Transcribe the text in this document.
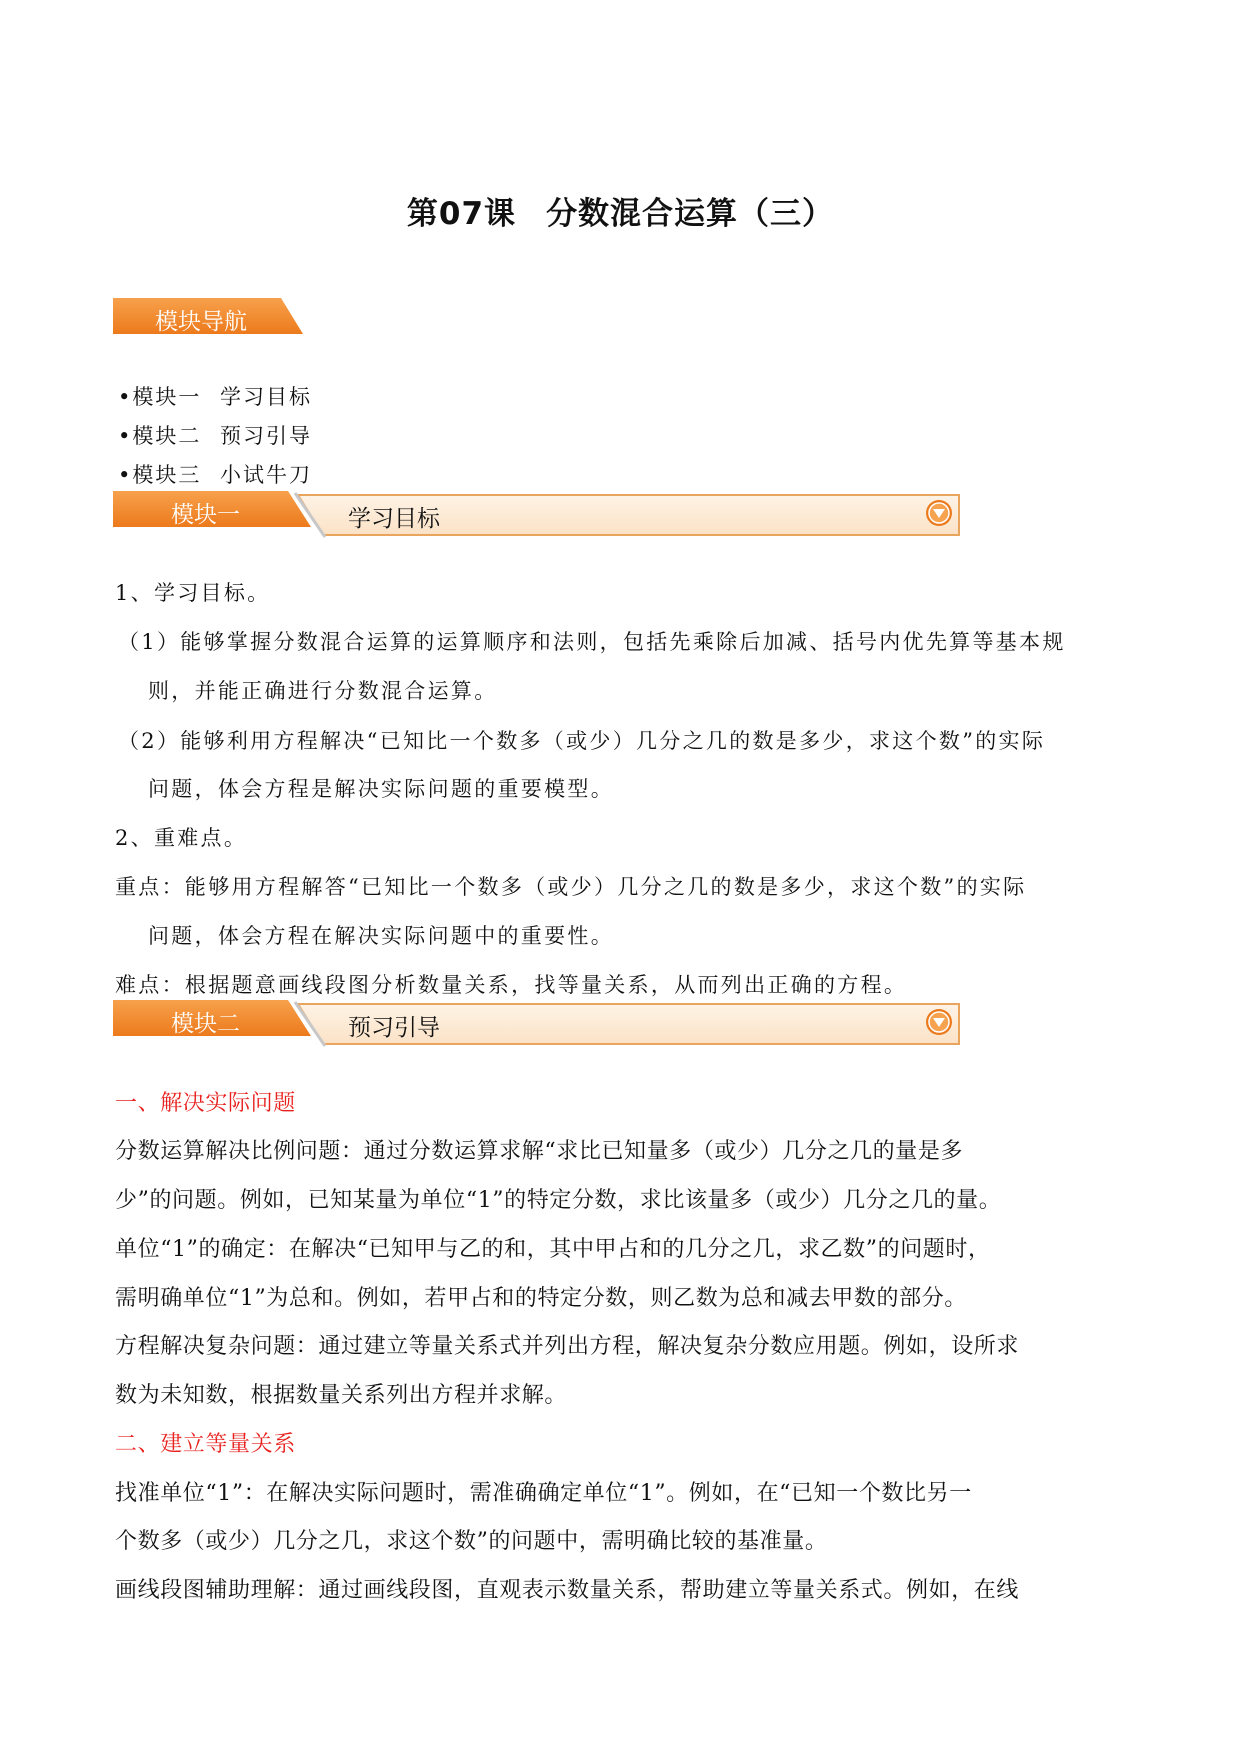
第07课 分数混合运算（三）
模块导航
•模块一 学习目标
•模块二 预习引导
•模块三 小试牛刀
模块一	学习目标
1、学习目标。
（1）能够掌握分数混合运算的运算顺序和法则，包括先乘除后加减、括号内优先算等基本规
则，并能正确进行分数混合运算。
（2）能够利用方程解决“已知比一个数多（或少）几分之几的数是多少，求这个数”的实际
问题，体会方程是解决实际问题的重要模型。
2、重难点。
重点：能够用方程解答“已知比一个数多（或少）几分之几的数是多少，求这个数”的实际
问题，体会方程在解决实际问题中的重要性。
难点：根据题意画线段图分析数量关系，找等量关系，从而列出正确的方程。
模块二	预习引导
一、解决实际问题
分数运算解决比例问题：通过分数运算求解“求比已知量多（或少）几分之几的量是多
少”的问题。例如，已知某量为单位“1”的特定分数，求比该量多（或少）几分之几的量。
单位“1”的确定：在解决“已知甲与乙的和，其中甲占和的几分之几，求乙数”的问题时，
需明确单位“1”为总和。例如，若甲占和的特定分数，则乙数为总和减去甲数的部分。
方程解决复杂问题：通过建立等量关系式并列出方程，解决复杂分数应用题。例如，设所求
数为未知数，根据数量关系列出方程并求解。
二、建立等量关系
找准单位“1”：在解决实际问题时，需准确确定单位“1”。例如，在“已知一个数比另一
个数多（或少）几分之几，求这个数”的问题中，需明确比较的基准量。
画线段图辅助理解：通过画线段图，直观表示数量关系，帮助建立等量关系式。例如，在线
